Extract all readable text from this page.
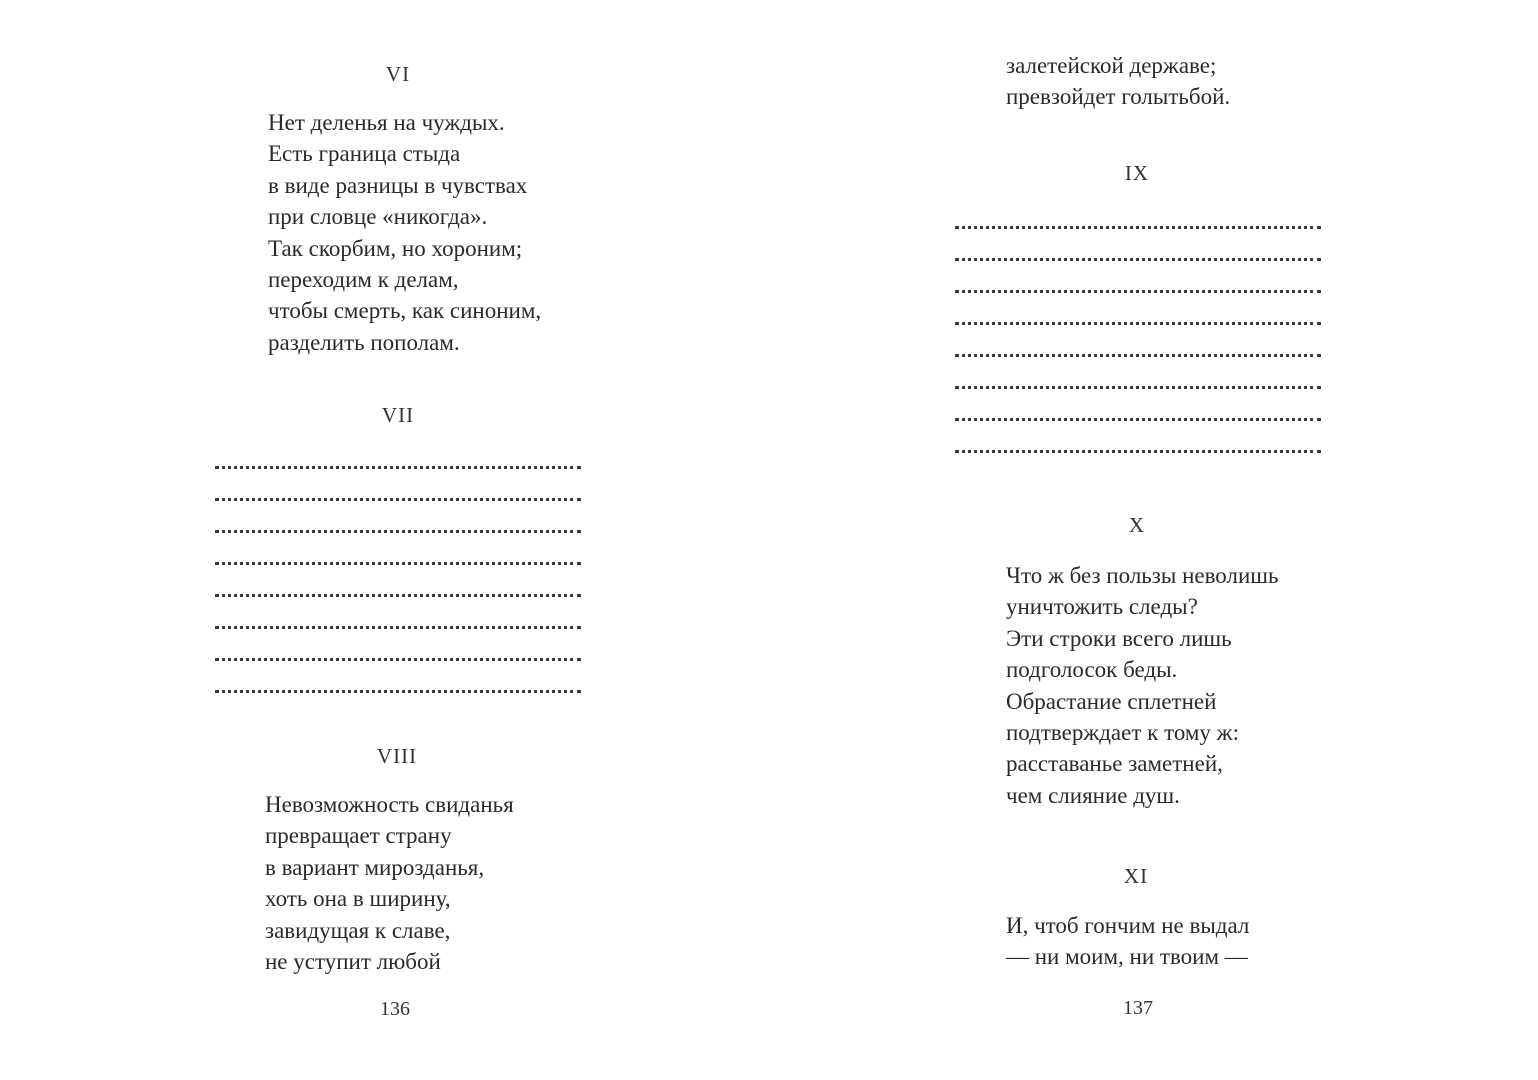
VI
Нет деленья на чуждых.
Есть граница стыда
в виде разницы в чувствах
при словце «никогда».
Так скорбим, но хороним;
переходим к делам,
чтобы смерть, как синоним,
разделить пополам.
VII
VIII
Невозможность свиданья
превращает страну
в вариант мирозданья,
хоть она в ширину,
завидущая к славе,
не уступит любой
136
залетейской державе;
превзойдет голытьбой.
IX
X
Что ж без пользы неволишь
уничтожить следы?
Эти строки всего лишь
подголосок беды.
Обрастание сплетней
подтверждает к тому ж:
расставанье заметней,
чем слияние душ.
XI
И, чтоб гончим не выдал
— ни моим, ни твоим —
137
